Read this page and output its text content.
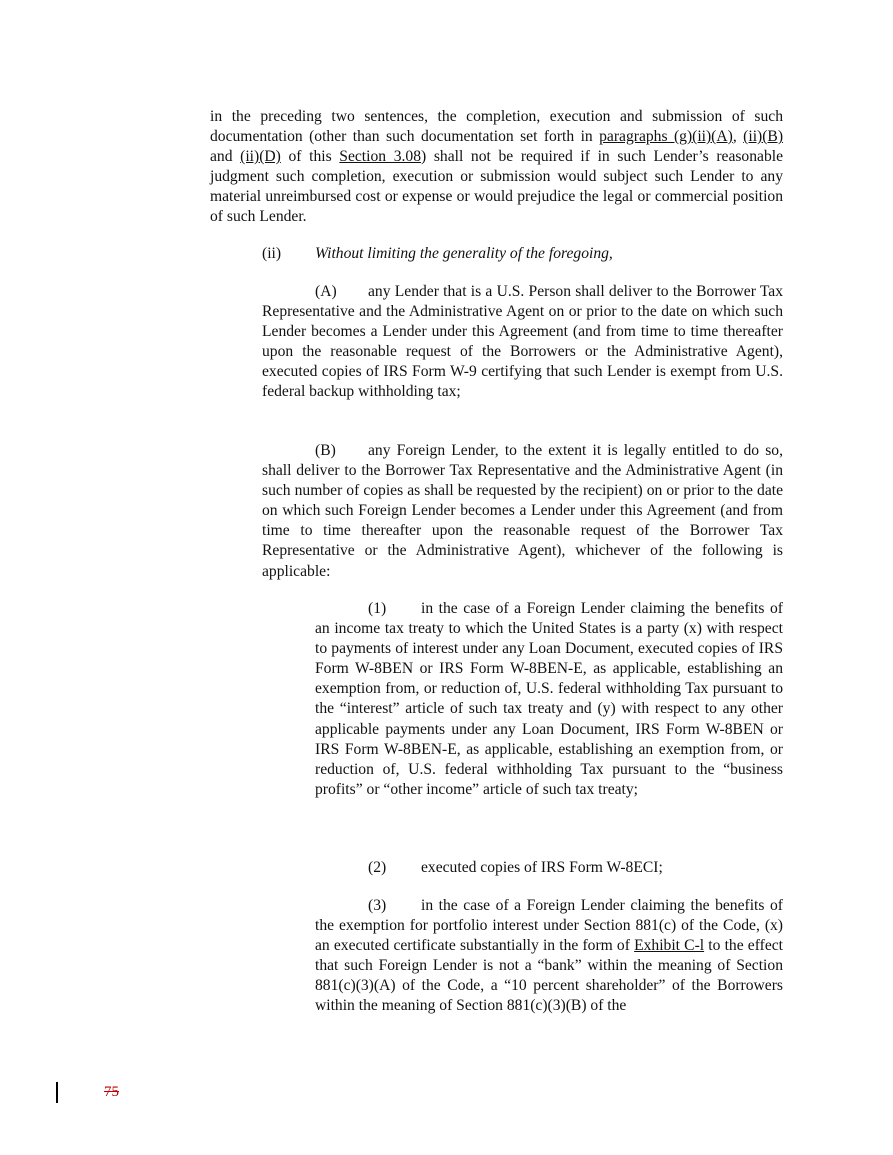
in the preceding two sentences, the completion, execution and submission of such documentation (other than such documentation set forth in paragraphs (g)(ii)(A), (ii)(B) and (ii)(D) of this Section 3.08) shall not be required if in such Lender’s reasonable judgment such completion, execution or submission would subject such Lender to any material unreimbursed cost or expense or would prejudice the legal or commercial position of such Lender.

(ii) Without limiting the generality of the foregoing,

(A) any Lender that is a U.S. Person shall deliver to the Borrower Tax Representative and the Administrative Agent on or prior to the date on which such Lender becomes a Lender under this Agreement (and from time to time thereafter upon the reasonable request of the Borrowers or the Administrative Agent), executed copies of IRS Form W-9 certifying that such Lender is exempt from U.S. federal backup withholding tax;

(B) any Foreign Lender, to the extent it is legally entitled to do so, shall deliver to the Borrower Tax Representative and the Administrative Agent (in such number of copies as shall be requested by the recipient) on or prior to the date on which such Foreign Lender becomes a Lender under this Agreement (and from time to time thereafter upon the reasonable request of the Borrower Tax Representative or the Administrative Agent), whichever of the following is applicable:

(1) in the case of a Foreign Lender claiming the benefits of an income tax treaty to which the United States is a party (x) with respect to payments of interest under any Loan Document, executed copies of IRS Form W-8BEN or IRS Form W-8BEN-E, as applicable, establishing an exemption from, or reduction of, U.S. federal withholding Tax pursuant to the “interest” article of such tax treaty and (y) with respect to any other applicable payments under any Loan Document, IRS Form W-8BEN or IRS Form W-8BEN-E, as applicable, establishing an exemption from, or reduction of, U.S. federal withholding Tax pursuant to the “business profits” or “other income” article of such tax treaty;

(2) executed copies of IRS Form W-8ECI;

(3) in the case of a Foreign Lender claiming the benefits of the exemption for portfolio interest under Section 881(c) of the Code, (x) an executed certificate substantially in the form of Exhibit C-l to the effect that such Foreign Lender is not a “bank” within the meaning of Section 881(c)(3)(A) of the Code, a “10 percent shareholder” of the Borrowers within the meaning of Section 881(c)(3)(B) of the

75
